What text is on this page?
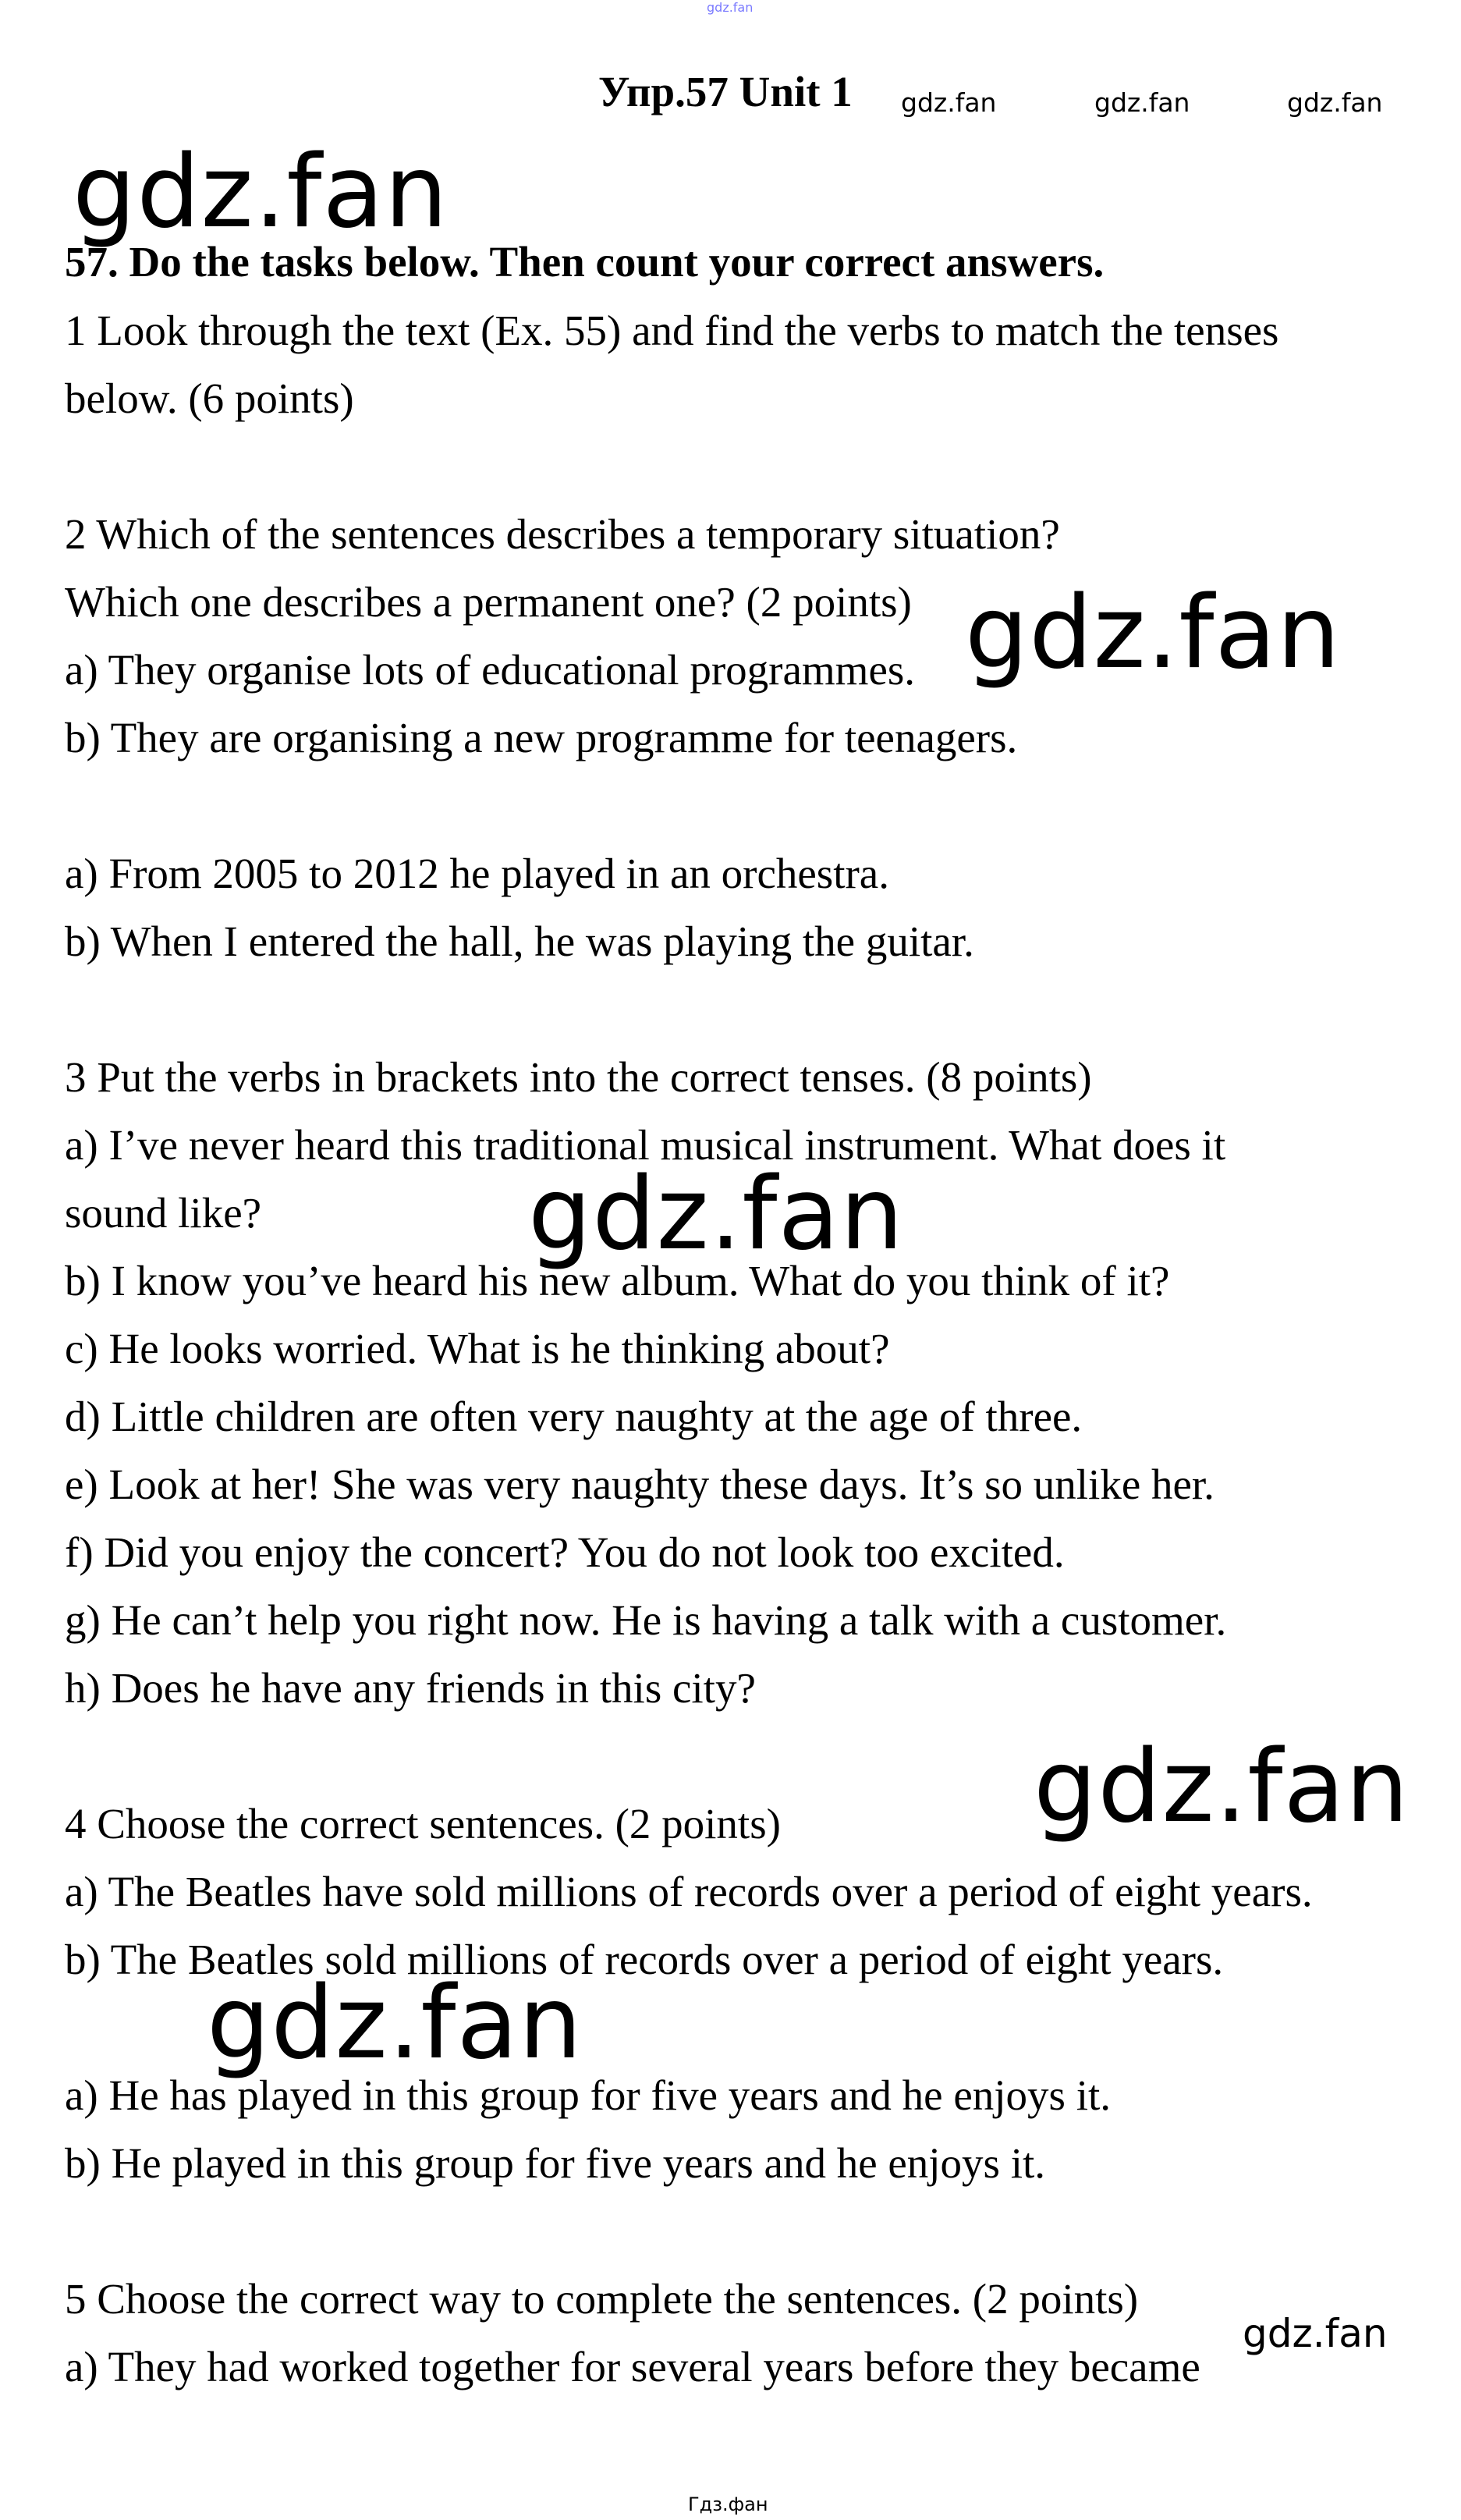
gdz.fan
Упр.57 Unit 1 gdz.fan	gdz.fan	gdz.fan
gdz.fan
57. Do the tasks below. Then count your correct answers.
1 Look through the text (Ex. 55) and find the verbs to match the tenses
below. (6 points)
2 Which of the sentences describes a temporary situation?
Which one describes a permanent one? (2 points)
a) They organise lots of educational programmes.
b) They are organising a new programme for teenagers.
gdz.fan
a) From 2005 to 2012 he played in an orchestra.
b) When I entered the hall, he was playing the guitar.
3 Put the verbs in brackets into the correct tenses. (8 points)
a) I’ve never heard this traditional musical instrument. What does it
sound like?	gdz.fan
b) I know you’ve heard his new album. What do you think of it?
c) He looks worried. What is he thinking about?
d) Little children are often very naughty at the age of three.
e) Look at her! She was very naughty these days. It’s so unlike her.
f) Did you enjoy the concert? You do not look too excited.
g) He can’t help you right now. He is having a talk with a customer.
h) Does he have any friends in this city?
gdz.fan
4 Choose the correct sentences. (2 points)
a) The Beatles have sold millions of records over a period of eight years.
b) The Beatles sold millions of records over a period of eight years.
gdz.fan
a) He has played in this group for five years and he enjoys it.
b) He played in this group for five years and he enjoys it.
5 Choose the correct way to complete the sentences. (2 points)
a) They had worked together for several years before they became
gdz.fan
Гдз.фан
